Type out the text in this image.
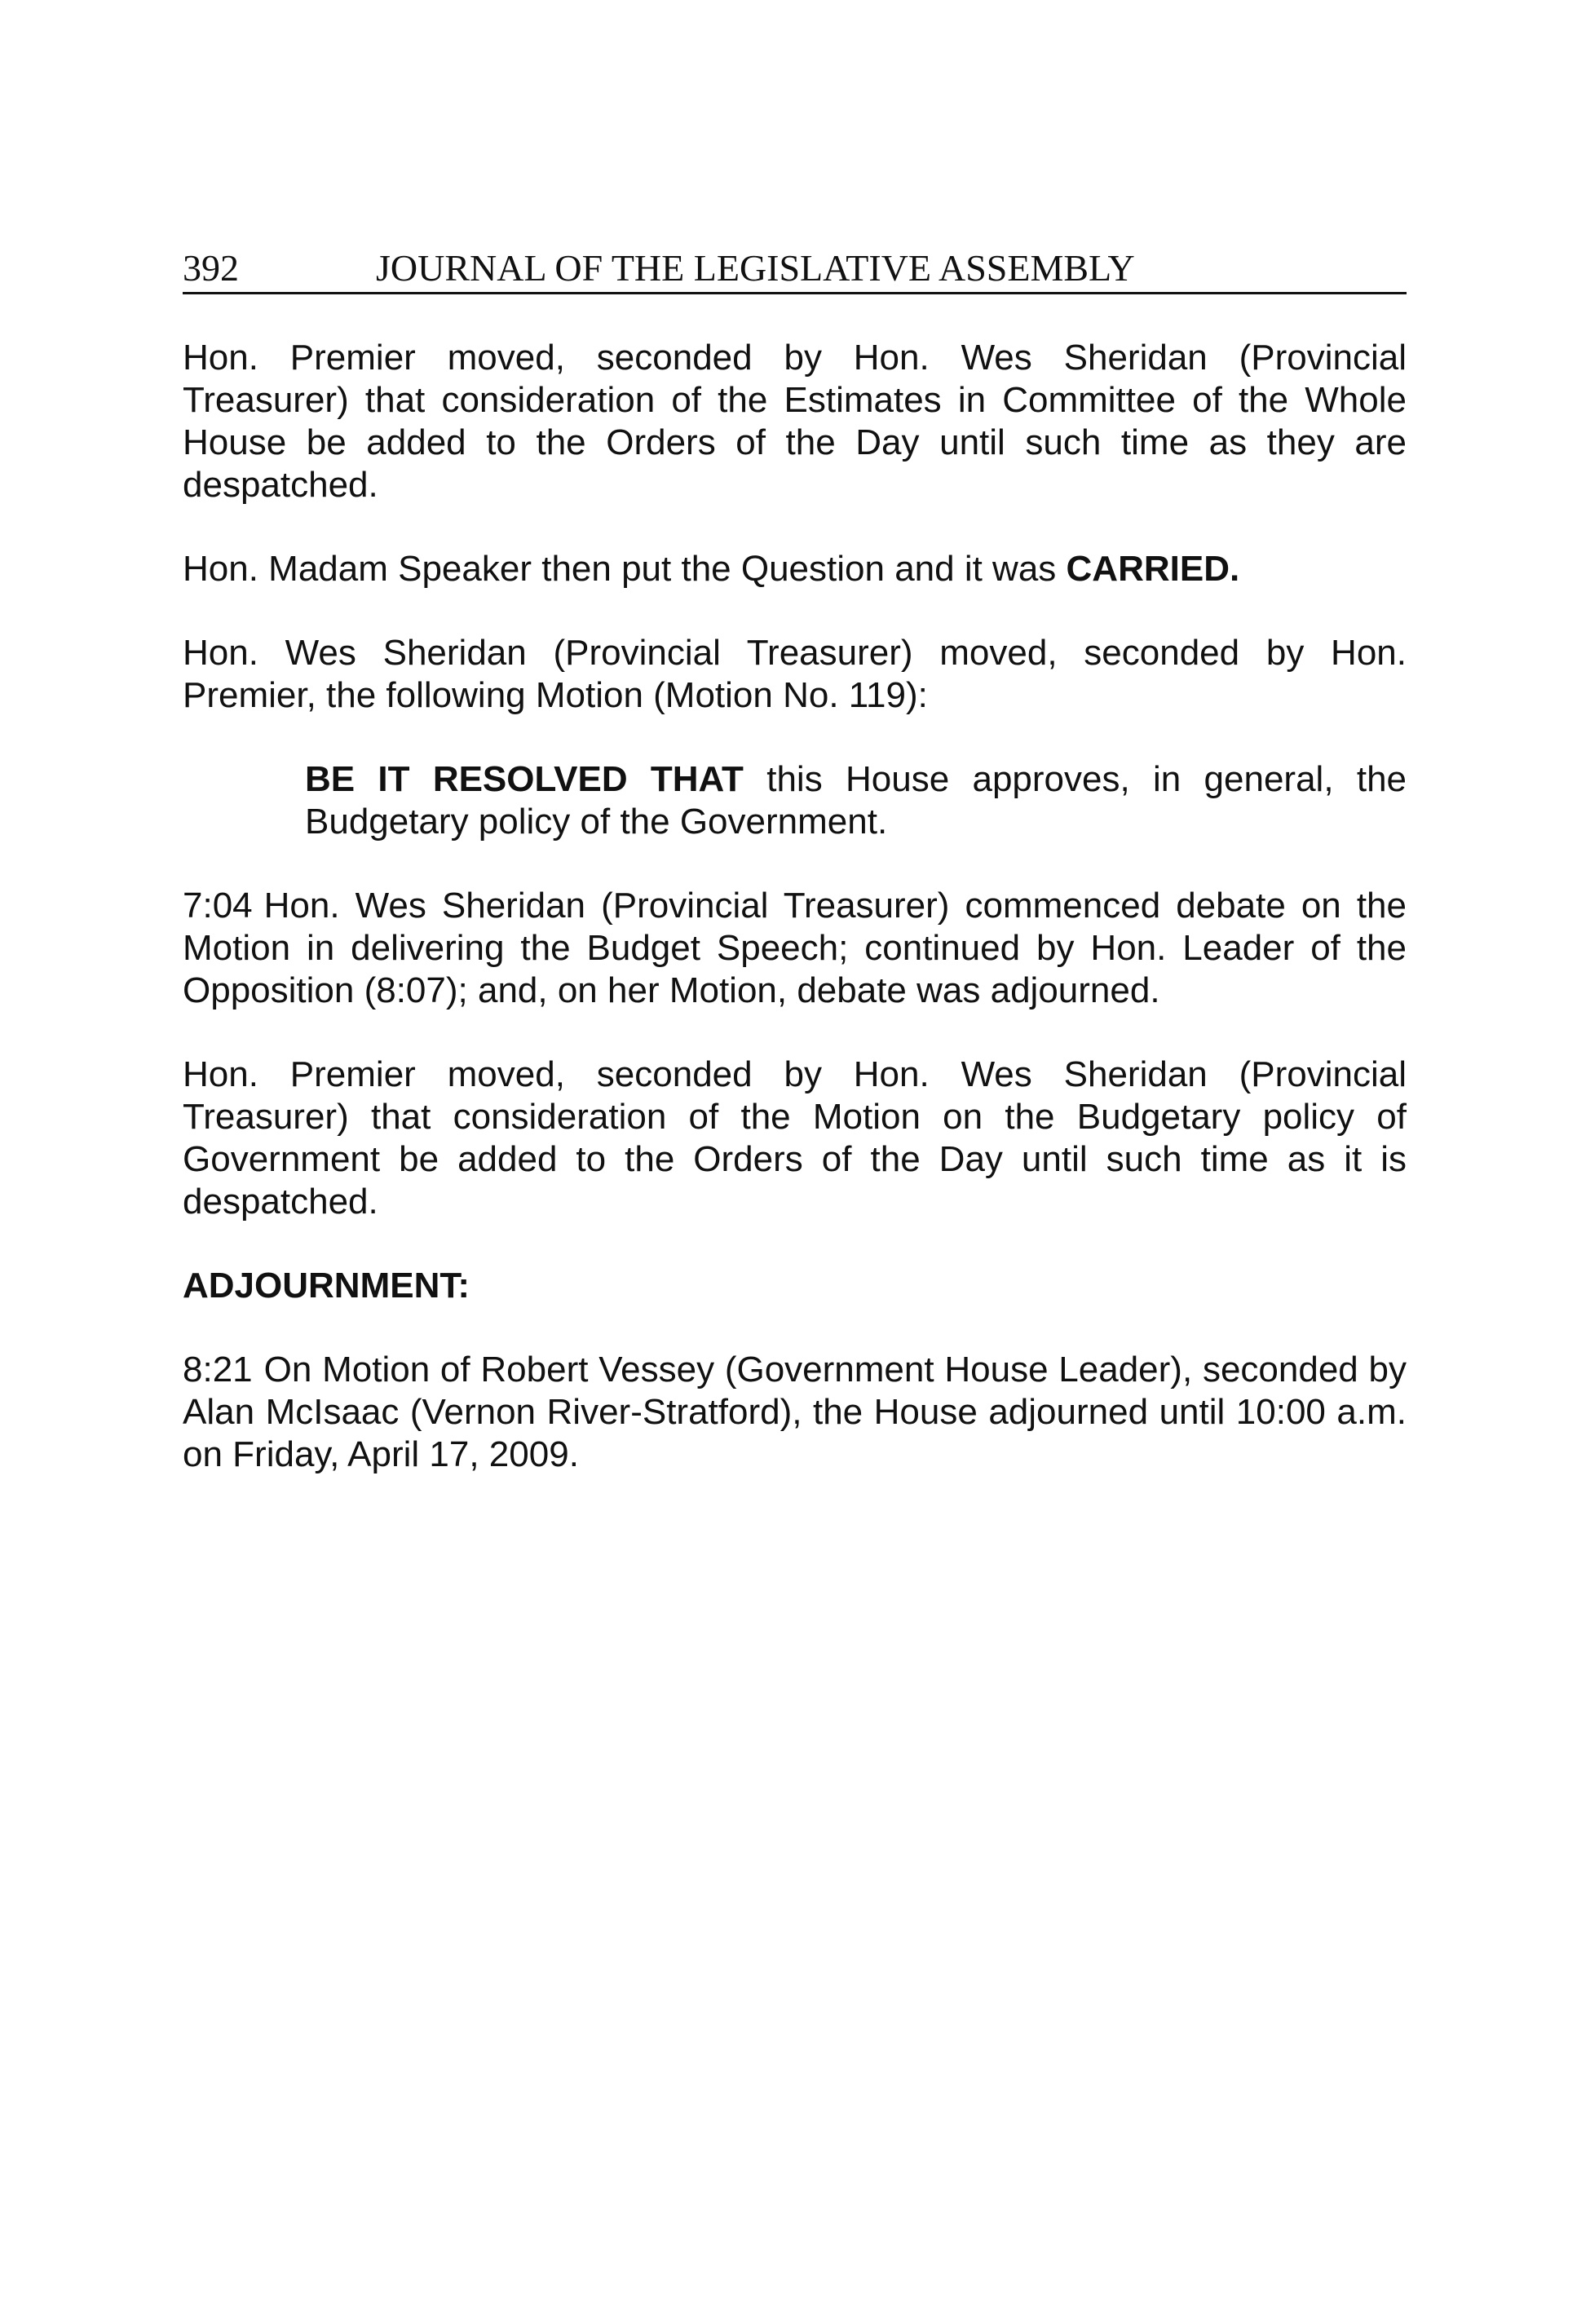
392	JOURNAL OF THE LEGISLATIVE ASSEMBLY

Hon. Premier moved, seconded by Hon. Wes Sheridan (Provincial Treasurer) that consideration of the Estimates in Committee of the Whole House be added to the Orders of the Day until such time as they are despatched.

Hon. Madam Speaker then put the Question and it was CARRIED.

Hon. Wes Sheridan (Provincial Treasurer) moved, seconded by Hon. Premier, the following Motion (Motion No. 119):

BE IT RESOLVED THAT this House approves, in general, the Budgetary policy of the Government.

7:04 Hon. Wes Sheridan (Provincial Treasurer) commenced debate on the Motion in delivering the Budget Speech; continued by Hon. Leader of the Opposition (8:07); and, on her Motion, debate was adjourned.

Hon. Premier moved, seconded by Hon. Wes Sheridan (Provincial Treasurer) that consideration of the Motion on the Budgetary policy of Government be added to the Orders of the Day until such time as it is despatched.

ADJOURNMENT:

8:21 On Motion of Robert Vessey (Government House Leader), seconded by Alan McIsaac (Vernon River-Stratford), the House adjourned until 10:00 a.m. on Friday, April 17, 2009.
